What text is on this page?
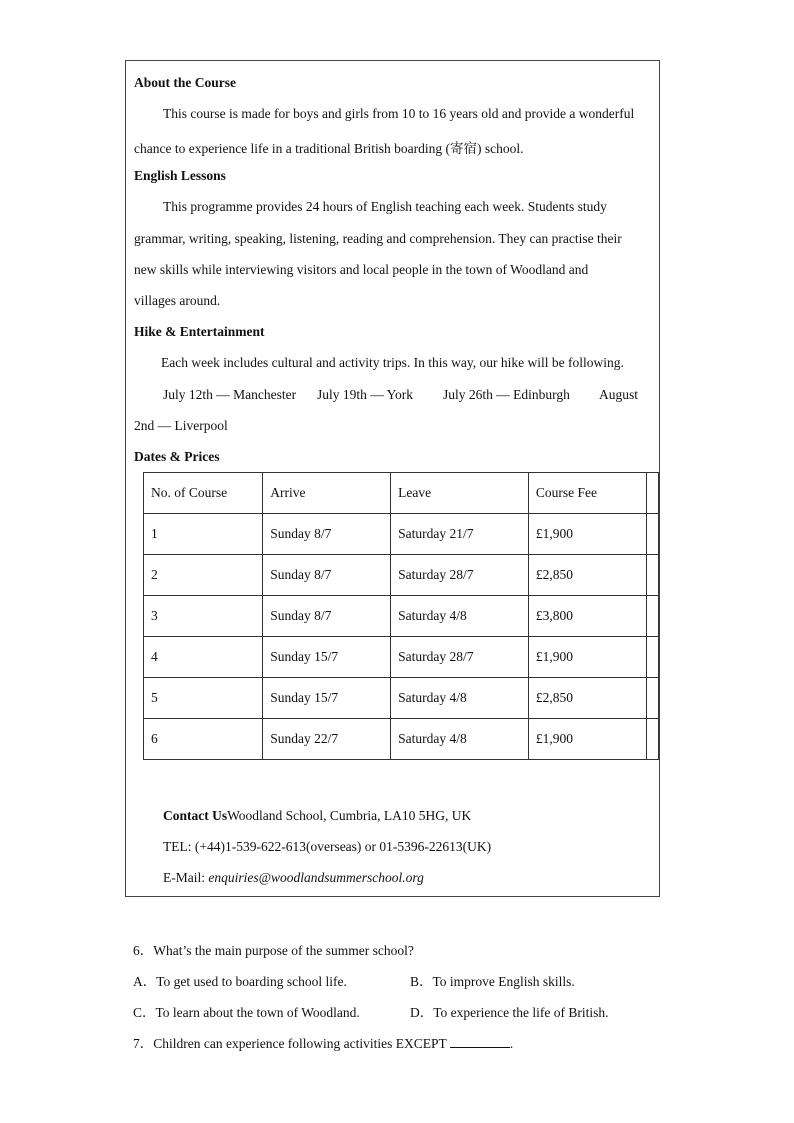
About the Course
This course is made for boys and girls from 10 to 16 years old and provide a wonderful
chance to experience life in a traditional British boarding (寄宿) school.
English Lessons
This programme provides 24 hours of English teaching each week. Students study
grammar, writing, speaking, listening, reading and comprehension. They can practise their
new skills while interviewing visitors and local people in the town of Woodland and
villages around.
Hike & Entertainment
Each week includes cultural and activity trips. In this way, our hike will be following.
July 12th — Manchester July 19th — York July 26th — Edinburgh August
2nd — Liverpool
Dates & Prices
No. of Course	Arrive	Leave	Course Fee	
1	Sunday 8/7	Saturday 21/7	£1,900	
2	Sunday 8/7	Saturday 28/7	£2,850	
3	Sunday 8/7	Saturday 4/8	£3,800	
4	Sunday 15/7	Saturday 28/7	£1,900	
5	Sunday 15/7	Saturday 4/8	£2,850	
6	Sunday 22/7	Saturday 4/8	£1,900	
Contact UsWoodland School, Cumbria, LA10 5HG, UK
TEL: (+44)1-539-622-613(overseas) or 01-5396-22613(UK)
E-Mail: enquiries@woodlandsummerschool.org
6．What’s the main purpose of the summer school?
A．To get used to boarding school life.	B．To improve English skills.
C．To learn about the town of Woodland.	D．To experience the life of British.
7．Children can experience following activities EXCEPT	.
